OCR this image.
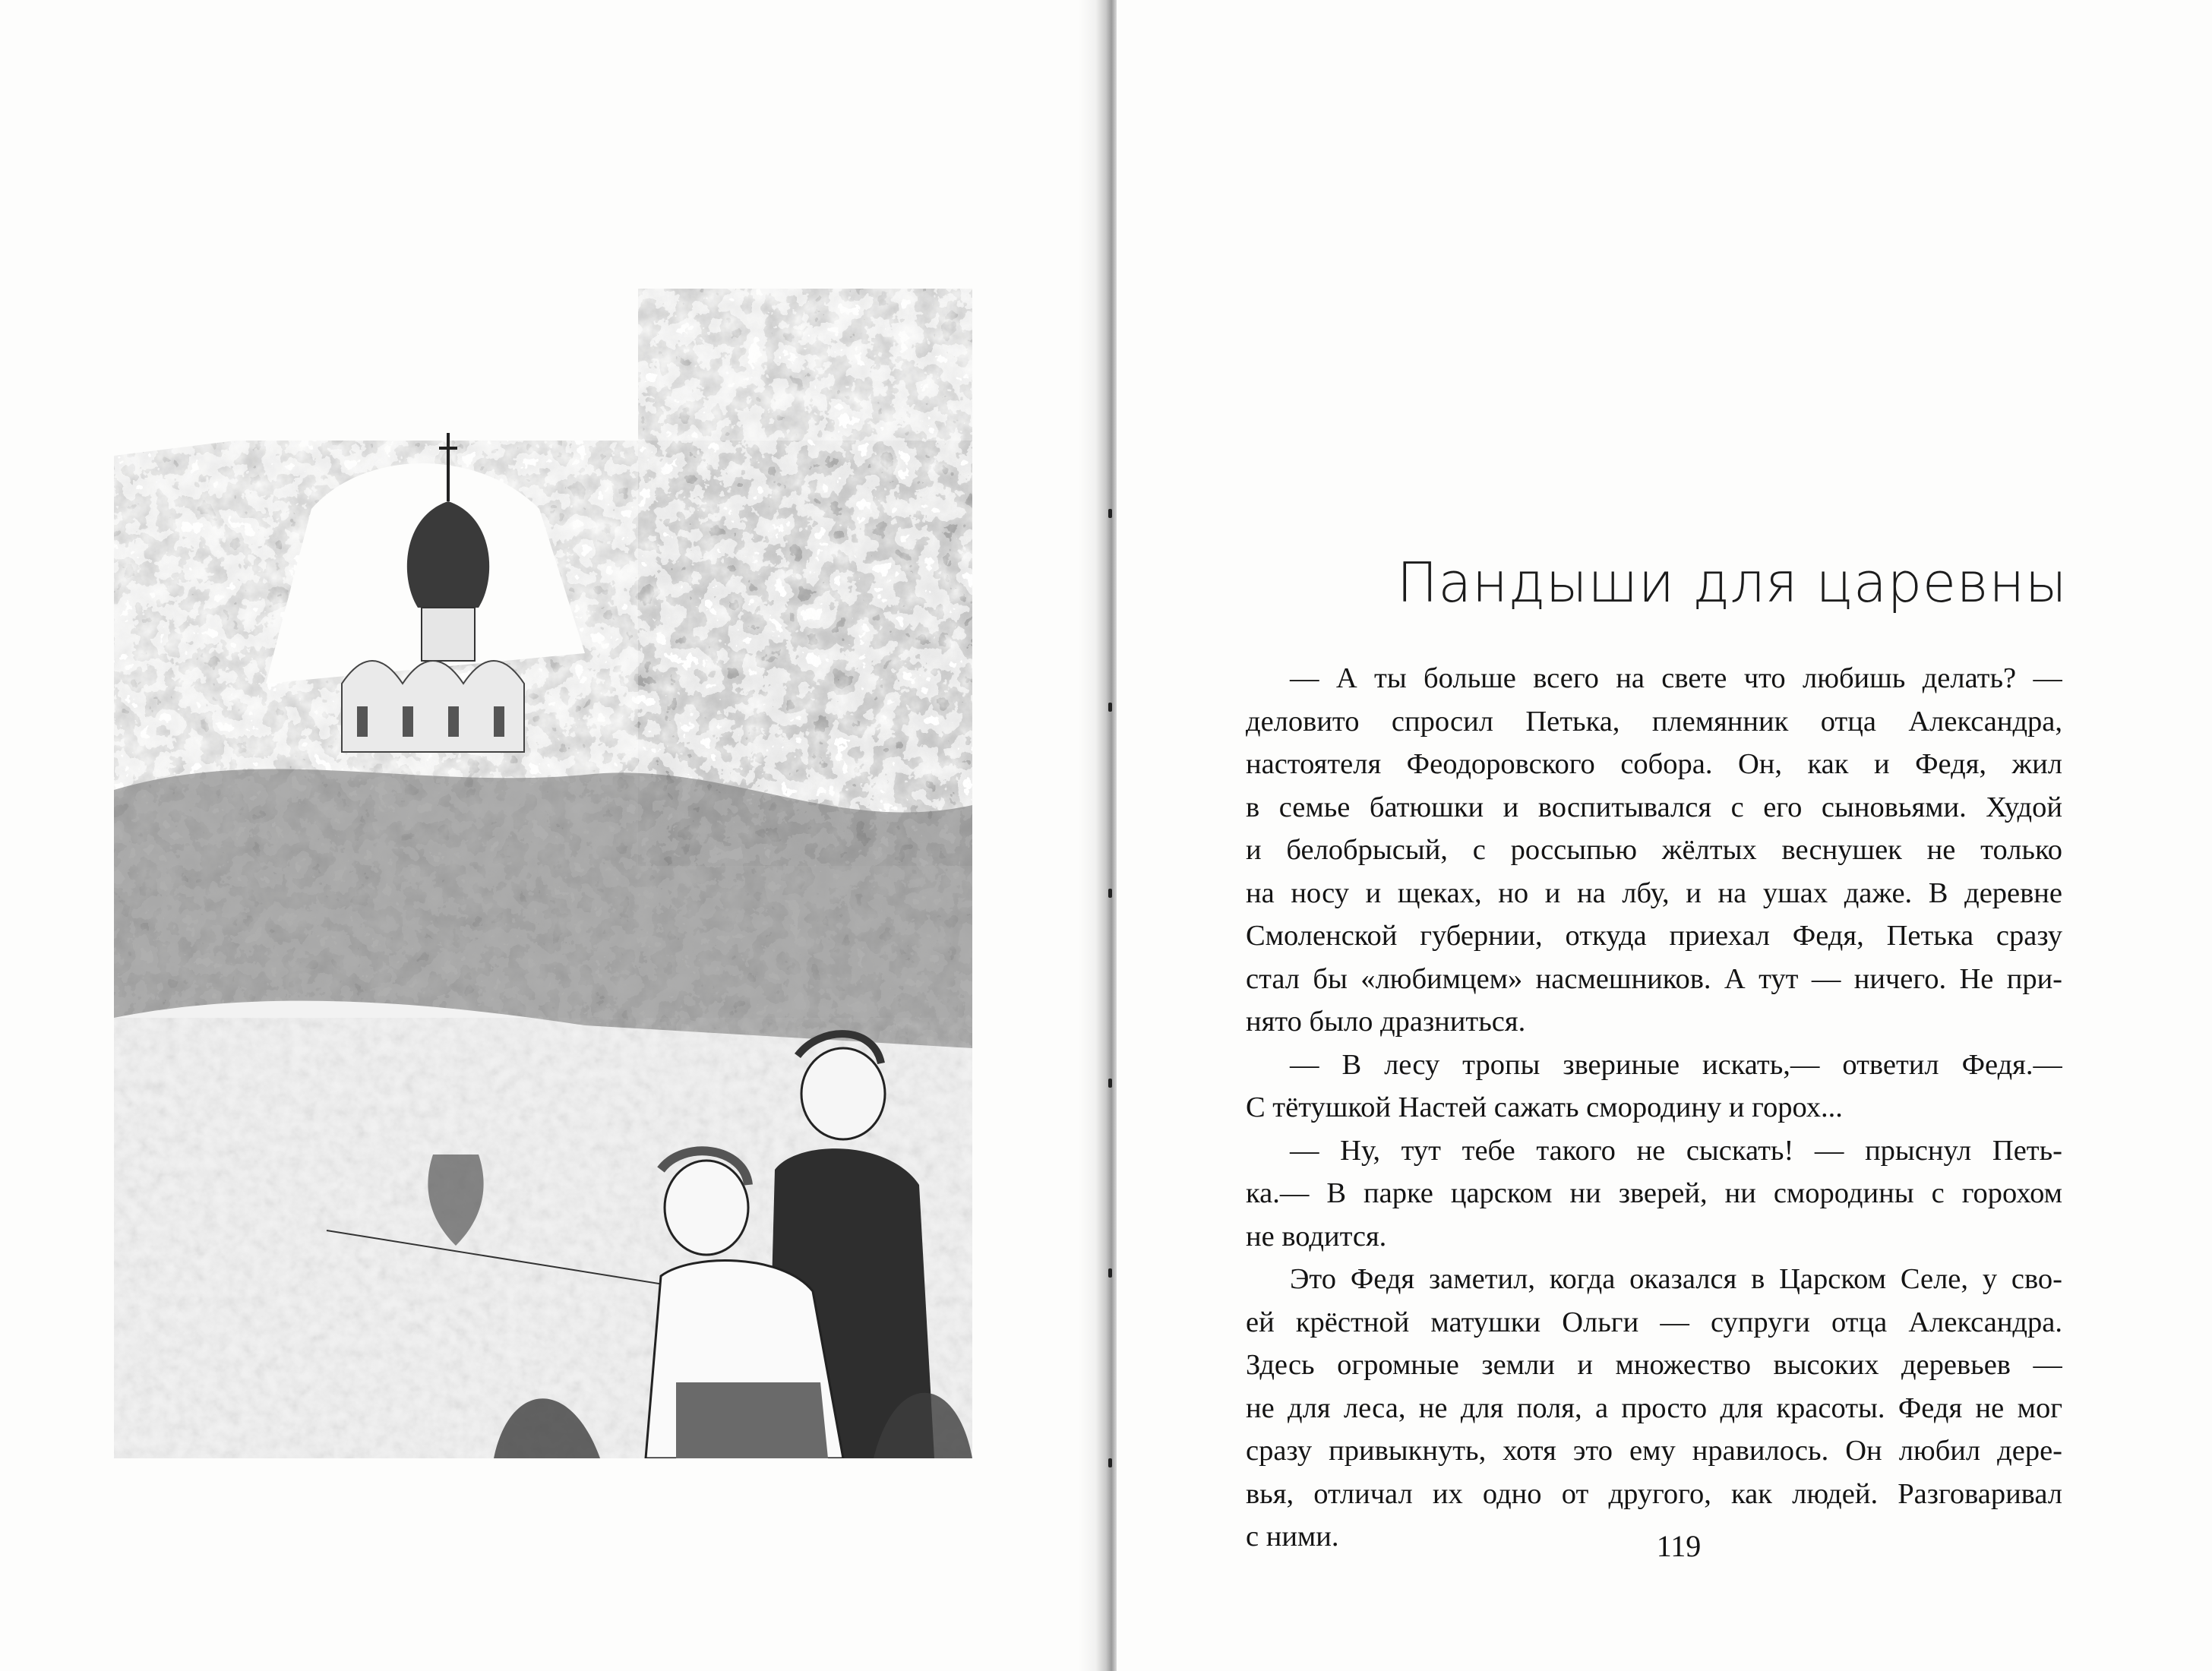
Пандыши для царевны
— А ты больше всего на свете что любишь делать? —
деловито спросил Петька, племянник отца Александра,
настоятеля Феодоровского собора. Он, как и Федя, жил
в семье батюшки и воспитывался с его сыновьями. Худой
и белобрысый, с россыпью жёлтых веснушек не только
на носу и щеках, но и на лбу, и на ушах даже. В деревне
Смоленской губернии, откуда приехал Федя, Петька сразу
стал бы «любимцем» насмешников. А тут — ничего. Не при-
нято было дразниться.
— В лесу тропы звериные искать,— ответил Федя.—
С тётушкой Настей сажать смородину и горох...
— Ну, тут тебе такого не сыскать! — прыснул Петь-
ка.— В парке царском ни зверей, ни смородины с горохом
не водится.
Это Федя заметил, когда оказался в Царском Селе, у сво-
ей крёстной матушки Ольги — супруги отца Александра.
Здесь огромные земли и множество высоких деревьев —
не для леса, не для поля, а просто для красоты. Федя не мог
сразу привыкнуть, хотя это ему нравилось. Он любил дере-
вья, отличал их одно от другого, как людей. Разговаривал
с ними.	119
